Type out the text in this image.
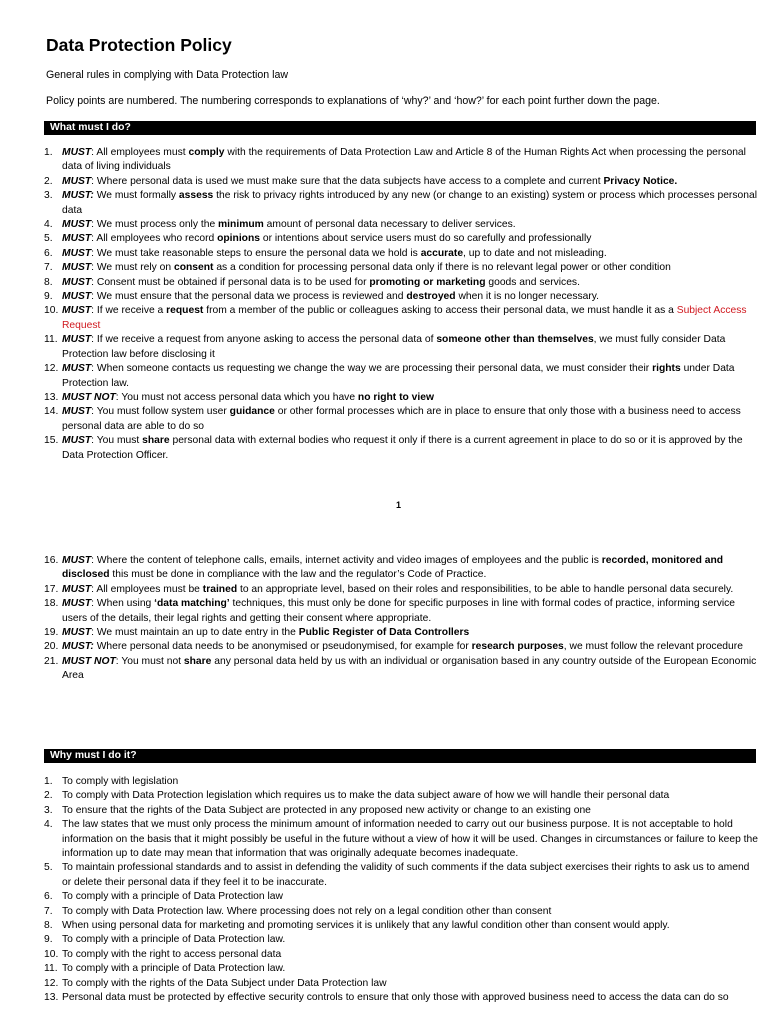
Data Protection Policy
General rules in complying with Data Protection law
Policy points are numbered. The numbering corresponds to explanations of ‘why?’ and ‘how?’ for each point further down the page.
What must I do?
1. MUST: All employees must comply with the requirements of Data Protection Law and Article 8 of the Human Rights Act when processing the personal data of living individuals
2. MUST: Where personal data is used we must make sure that the data subjects have access to a complete and current Privacy Notice.
3. MUST: We must formally assess the risk to privacy rights introduced by any new (or change to an existing) system or process which processes personal data
4. MUST: We must process only the minimum amount of personal data necessary to deliver services.
5. MUST: All employees who record opinions or intentions about service users must do so carefully and professionally
6. MUST: We must take reasonable steps to ensure the personal data we hold is accurate, up to date and not misleading.
7. MUST: We must rely on consent as a condition for processing personal data only if there is no relevant legal power or other condition
8. MUST: Consent must be obtained if personal data is to be used for promoting or marketing goods and services.
9. MUST: We must ensure that the personal data we process is reviewed and destroyed when it is no longer necessary.
10. MUST: If we receive a request from a member of the public or colleagues asking to access their personal data, we must handle it as a Subject Access Request
11. MUST: If we receive a request from anyone asking to access the personal data of someone other than themselves, we must fully consider Data Protection law before disclosing it
12. MUST: When someone contacts us requesting we change the way we are processing their personal data, we must consider their rights under Data Protection law.
13. MUST NOT: You must not access personal data which you have no right to view
14. MUST: You must follow system user guidance or other formal processes which are in place to ensure that only those with a business need to access personal data are able to do so
15. MUST: You must share personal data with external bodies who request it only if there is a current agreement in place to do so or it is approved by the Data Protection Officer.
1
16. MUST: Where the content of telephone calls, emails, internet activity and video images of employees and the public is recorded, monitored and disclosed this must be done in compliance with the law and the regulator’s Code of Practice.
17. MUST: All employees must be trained to an appropriate level, based on their roles and responsibilities, to be able to handle personal data securely.
18. MUST: When using ‘data matching’ techniques, this must only be done for specific purposes in line with formal codes of practice, informing service users of the details, their legal rights and getting their consent where appropriate.
19. MUST: We must maintain an up to date entry in the Public Register of Data Controllers
20. MUST: Where personal data needs to be anonymised or pseudonymised, for example for research purposes, we must follow the relevant procedure
21. MUST NOT: You must not share any personal data held by us with an individual or organisation based in any country outside of the European Economic Area
Why must I do it?
1. To comply with legislation
2. To comply with Data Protection legislation which requires us to make the data subject aware of how we will handle their personal data
3. To ensure that the rights of the Data Subject are protected in any proposed new activity or change to an existing one
4. The law states that we must only process the minimum amount of information needed to carry out our business purpose. It is not acceptable to hold information on the basis that it might possibly be useful in the future without a view of how it will be used. Changes in circumstances or failure to keep the information up to date may mean that information that was originally adequate becomes inadequate.
5. To maintain professional standards and to assist in defending the validity of such comments if the data subject exercises their rights to ask us to amend or delete their personal data if they feel it to be inaccurate.
6. To comply with a principle of Data Protection law
7. To comply with Data Protection law. Where processing does not rely on a legal condition other than consent
8. When using personal data for marketing and promoting services it is unlikely that any lawful condition other than consent would apply.
9. To comply with a principle of Data Protection law.
10. To comply with the right to access personal data
11. To comply with a principle of Data Protection law.
12. To comply with the rights of the Data Subject under Data Protection law
13. Personal data must be protected by effective security controls to ensure that only those with approved business need to access the data can do so
